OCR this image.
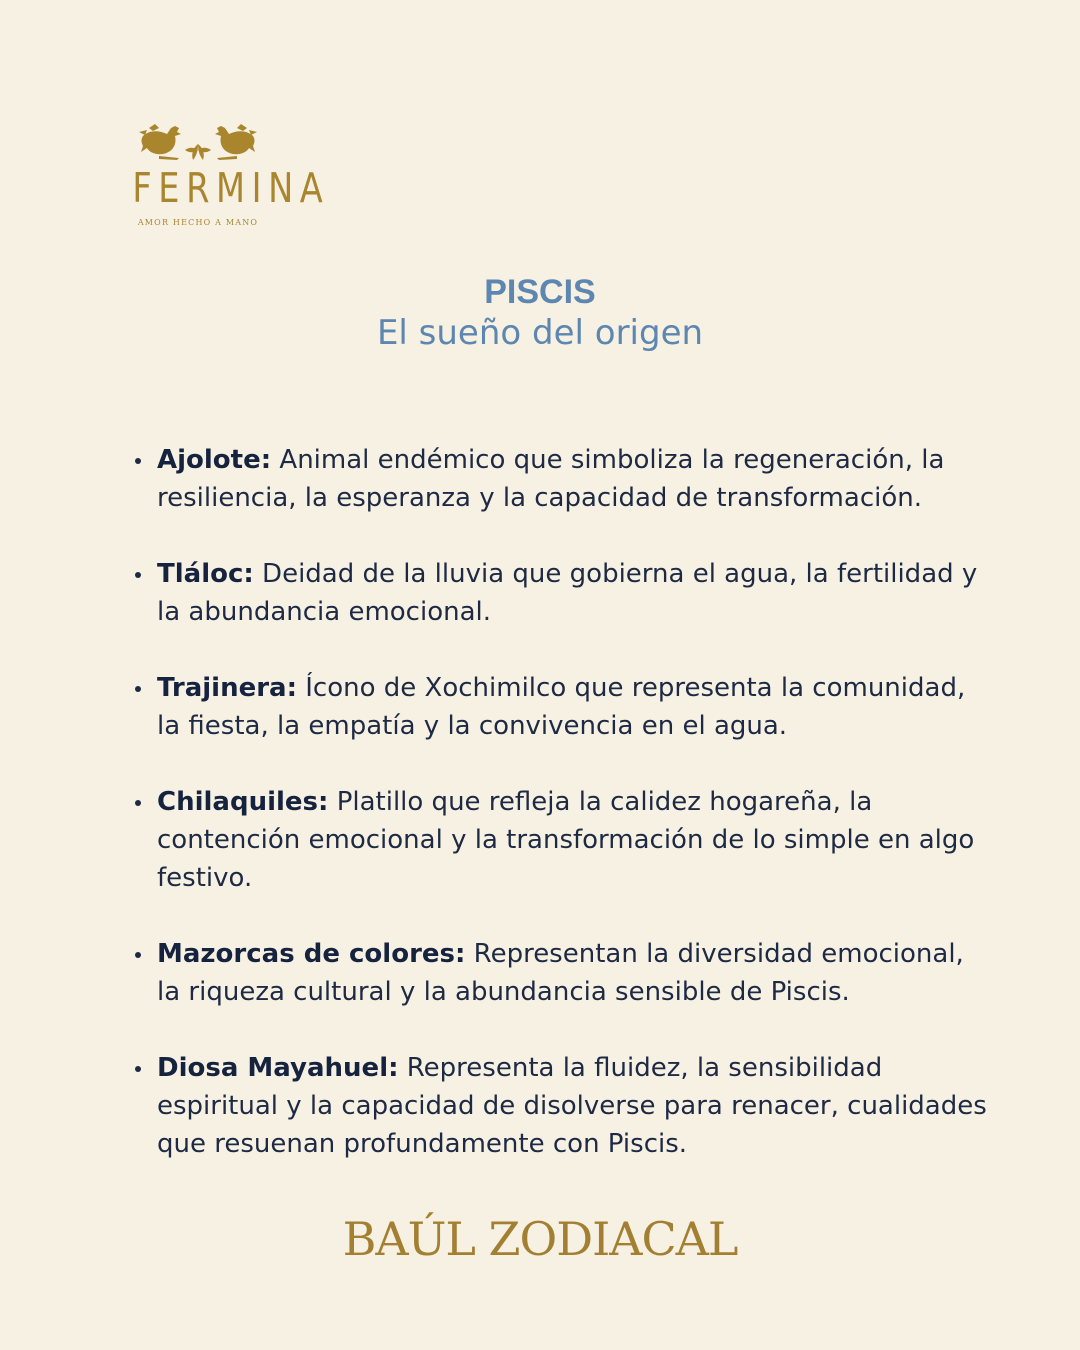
FERMINA
AMOR HECHO A MANO
PISCIS
El sueño del origen
Ajolote: Animal endémico que simboliza la regeneración, la resiliencia, la esperanza y la capacidad de transformación.
Tláloc: Deidad de la lluvia que gobierna el agua, la fertilidad y la abundancia emocional.
Trajinera: Ícono de Xochimilco que representa la comunidad, la fiesta, la empatía y la convivencia en el agua.
Chilaquiles: Platillo que refleja la calidez hogareña, la contención emocional y la transformación de lo simple en algo festivo.
Mazorcas de colores: Representan la diversidad emocional, la riqueza cultural y la abundancia sensible de Piscis.
Diosa Mayahuel: Representa la fluidez, la sensibilidad espiritual y la capacidad de disolverse para renacer, cualidades que resuenan profundamente con Piscis.
BAÚL ZODIACAL
